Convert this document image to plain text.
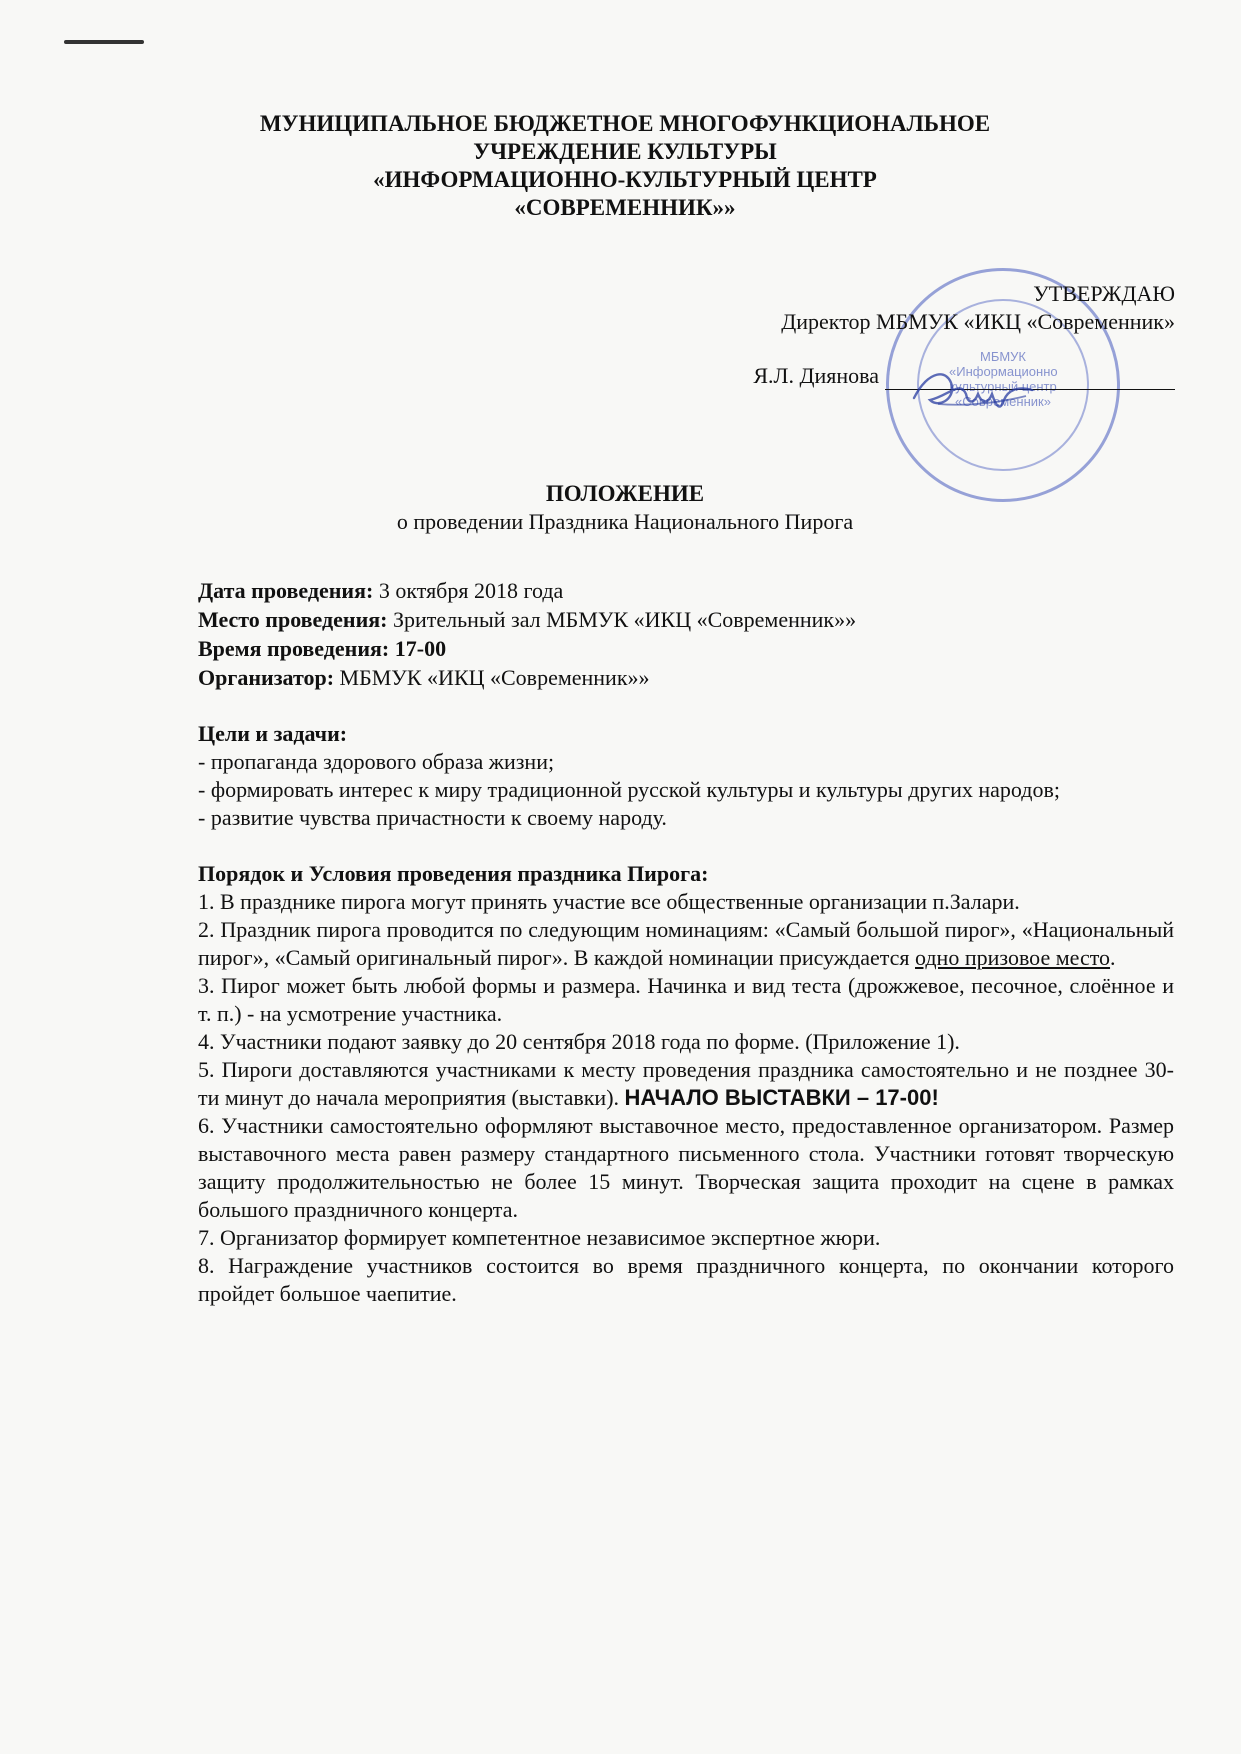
МУНИЦИПАЛЬНОЕ БЮДЖЕТНОЕ МНОГОФУНКЦИОНАЛЬНОЕ
УЧРЕЖДЕНИЕ КУЛЬТУРЫ
«ИНФОРМАЦИОННО-КУЛЬТУРНЫЙ ЦЕНТР
«СОВРЕМЕННИК»»
МБМУК «Информационно культурный центр «Современник»
УТВЕРЖДАЮ
Директор МБМУК «ИКЦ «Современник»
Я.Л. Диянова
ПОЛОЖЕНИЕ
о проведении Праздника Национального Пирога

Дата проведения: 3 октября 2018 года

Место проведения: Зрительный зал МБМУК «ИКЦ «Современник»»

Время проведения: 17-00

Организатор: МБМУК «ИКЦ «Современник»»

Цели и задачи:

- пропаганда здорового образа жизни;

- формировать интерес к миру традиционной русской культуры и культуры других народов;

- развитие чувства причастности к своему народу.

Порядок и Условия проведения праздника Пирога:

1. В празднике пирога могут принять участие все общественные организации п.Залари.

2. Праздник пирога проводится по следующим номинациям: «Самый большой пирог», «Национальный пирог», «Самый оригинальный пирог». В каждой номинации присуждается одно призовое место.

3. Пирог может быть любой формы и размера. Начинка и вид теста (дрожжевое, песочное, слоённое и т. п.) - на усмотрение участника.

4. Участники подают заявку до 20 сентября 2018 года по форме. (Приложение 1).

5. Пироги доставляются участниками к месту проведения праздника самостоятельно и не позднее 30-ти минут до начала мероприятия (выставки). НАЧАЛО ВЫСТАВКИ – 17-00!

6. Участники самостоятельно оформляют выставочное место, предоставленное организатором. Размер выставочного места равен размеру стандартного письменного стола. Участники готовят творческую защиту продолжительностью не более 15 минут. Творческая защита проходит на сцене в рамках большого праздничного концерта.

7. Организатор формирует компетентное независимое экспертное жюри.

8. Награждение участников состоится во время праздничного концерта, по окончании которого пройдет большое чаепитие.
